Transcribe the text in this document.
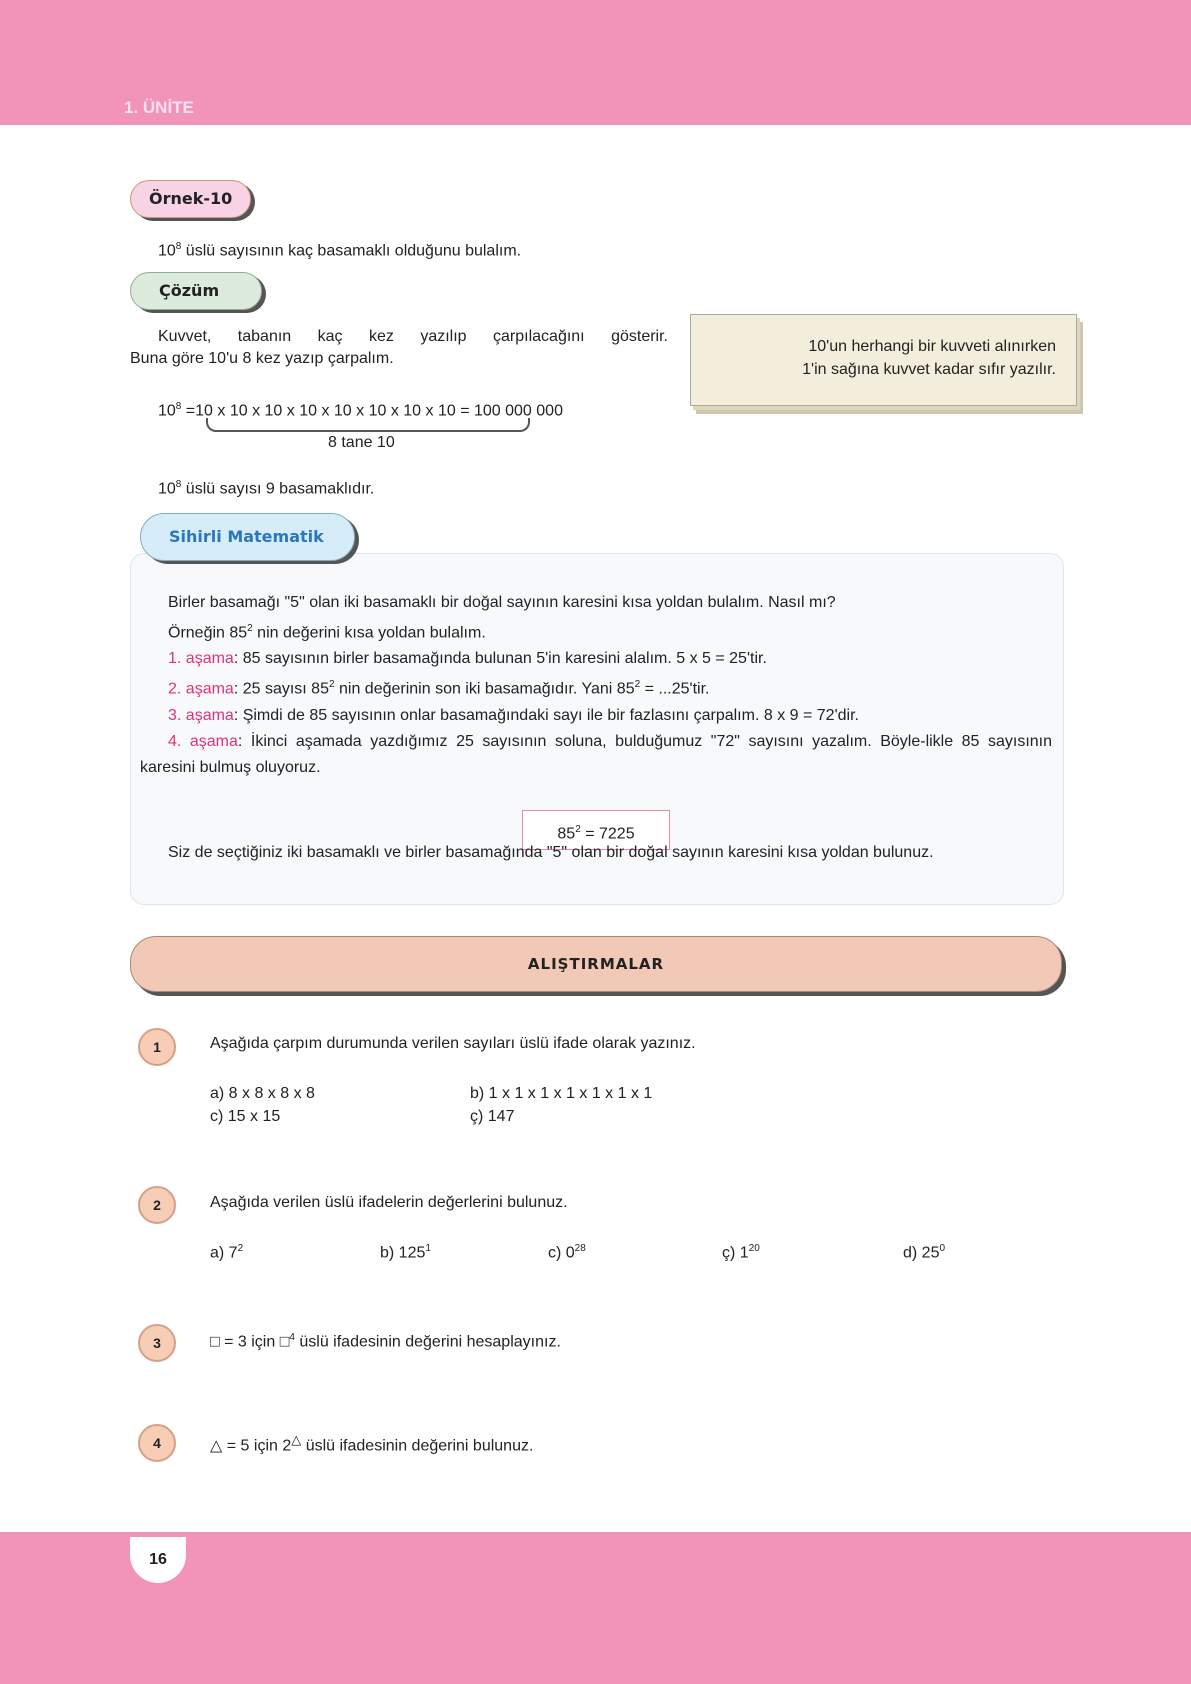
1. ÜNİTE
Örnek-10

$10^8$ üslü sayısının kaç basamaklı olduğunu bulalım.

Çözüm

Kuvvet, tabanın kaç kez yazılıp çarpılacağını gösterir.

Buna göre 10'u 8 kez yazıp çarpalım.

$10^8 =10$ x 10 x 10 x 10 x 10 x 10 x 10 x 10 = 100 000 000

8 tane 10

$10^8$ üslü sayısı 9 basamaklıdır.

10'un herhangi bir kuvveti alınırken
1'in sağına kuvvet kadar sıfır yazılır.

Sihirli Matematik

Birler basamağı "5" olan iki basamaklı bir doğal sayının karesini kısa yoldan bulalım. Nasıl mı?

Örneğin $85^2$ nin değerini kısa yoldan bulalım.

1. aşama: 85 sayısının birler basamağında bulunan 5'in karesini alalım. 5 x 5 = 25'tir.

2. aşama: 25 sayısı $85^2$ nin değerinin son iki basamağıdır. Yani $85^2 = ...25'tir$.

3. aşama: Şimdi de 85 sayısının onlar basamağındaki sayı ile bir fazlasını çarpalım. 8 x 9 = 72'dir.

4. aşama: İkinci aşamada yazdığımız 25 sayısının soluna, bulduğumuz "72" sayısını yazalım. Böyle-likle 85 sayısının karesini bulmuş oluyoruz.

$85^2 = 7225$

Siz de seçtiğiniz iki basamaklı ve birler basamağında "5" olan bir doğal sayının karesini kısa yoldan bulunuz.

ALIŞTIRMALAR
1	Aşağıda çarpım durumunda verilen sayıları üslü ifade olarak yazınız.

a) 8 x 8 x 8 x 8	b) 1 x 1 x 1 x 1 x 1 x 1 x 1

c) 15 x 15	ç) 147

2	Aşağıda verilen üslü ifadelerin değerlerini bulunuz.

a) $7^2$	b) $125^1$	c) $0^{28}$	ç) $1^{20}$	d) $25^0$

3	□ = 3 için □$^4$ üslü ifadesinin değerini hesaplayınız.

4	△ = 5 için 2△ üslü ifadesinin değerini bulunuz.

16
